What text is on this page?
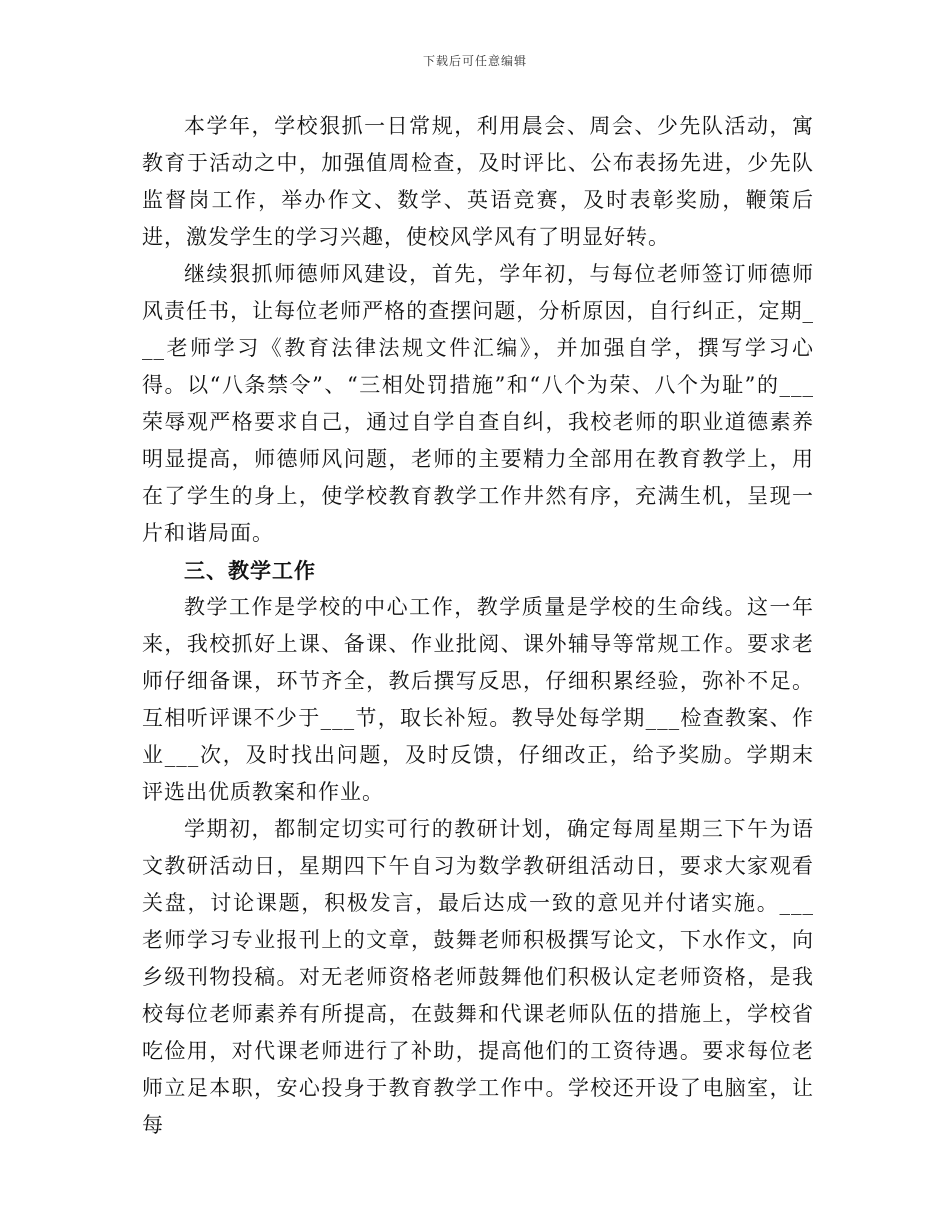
下载后可任意编辑

本学年，学校狠抓一日常规，利用晨会、周会、少先队活动，寓教育于活动之中，加强值周检查，及时评比、公布表扬先进，少先队监督岗工作，举办作文、数学、英语竞赛，及时表彰奖励，鞭策后进，激发学生的学习兴趣，使校风学风有了明显好转。

继续狠抓师德师风建设，首先，学年初，与每位老师签订师德师风责任书，让每位老师严格的查摆问题，分析原因，自行纠正，定期___老师学习《教育法律法规文件汇编》，并加强自学，撰写学习心得。以“八条禁令”、“三相处罚措施”和“八个为荣、八个为耻”的___荣辱观严格要求自己，通过自学自查自纠，我校老师的职业道德素养明显提高，师德师风问题，老师的主要精力全部用在教育教学上，用在了学生的身上，使学校教育教学工作井然有序，充满生机，呈现一片和谐局面。

三、教学工作

教学工作是学校的中心工作，教学质量是学校的生命线。这一年来，我校抓好上课、备课、作业批阅、课外辅导等常规工作。要求老师仔细备课，环节齐全，教后撰写反思，仔细积累经验，弥补不足。互相听评课不少于___节，取长补短。教导处每学期___检查教案、作业___次，及时找出问题，及时反馈，仔细改正，给予奖励。学期末评选出优质教案和作业。

学期初，都制定切实可行的教研计划，确定每周星期三下午为语文教研活动日，星期四下午自习为数学教研组活动日，要求大家观看关盘，讨论课题，积极发言，最后达成一致的意见并付诸实施。___老师学习专业报刊上的文章，鼓舞老师积极撰写论文，下水作文，向乡级刊物投稿。对无老师资格老师鼓舞他们积极认定老师资格，是我校每位老师素养有所提高，在鼓舞和代课老师队伍的措施上，学校省吃俭用，对代课老师进行了补助，提高他们的工资待遇。要求每位老师立足本职，安心投身于教育教学工作中。学校还开设了电脑室，让每
